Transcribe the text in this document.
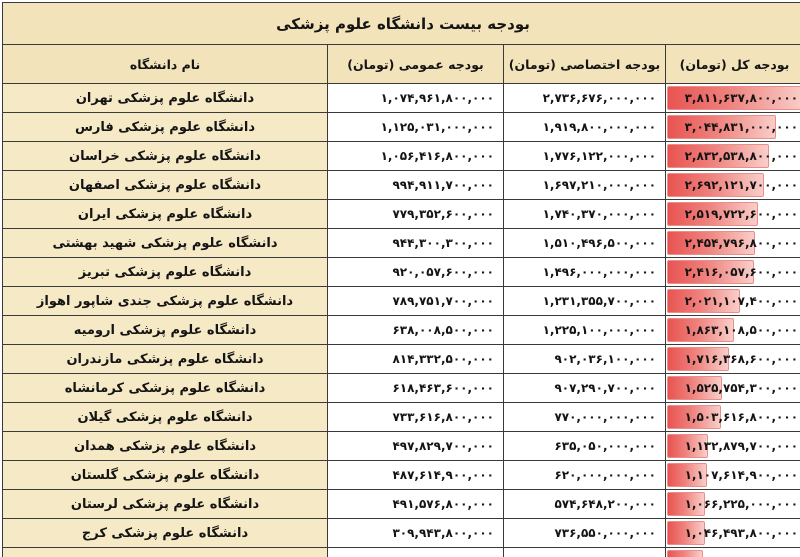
بودجه بیست دانشگاه علوم پزشکی			
بودجه کل (تومان)	بودجه اختصاصی (تومان)	بودجه عمومی (تومان)	نام دانشگاه

۳,۸۱۱,۶۳۷,۸۰۰,۰۰۰	۲,۷۳۶,۶۷۶,۰۰۰,۰۰۰	۱,۰۷۴,۹۶۱,۸۰۰,۰۰۰	دانشگاه علوم پزشکی تهران

۳,۰۴۴,۸۳۱,۰۰۰,۰۰۰	۱,۹۱۹,۸۰۰,۰۰۰,۰۰۰	۱,۱۲۵,۰۳۱,۰۰۰,۰۰۰	دانشگاه علوم پزشکی فارس

۲,۸۳۲,۵۳۸,۸۰۰,۰۰۰	۱,۷۷۶,۱۲۲,۰۰۰,۰۰۰	۱,۰۵۶,۴۱۶,۸۰۰,۰۰۰	دانشگاه علوم پزشکی خراسان

۲,۶۹۲,۱۲۱,۷۰۰,۰۰۰	۱,۶۹۷,۲۱۰,۰۰۰,۰۰۰	۹۹۴,۹۱۱,۷۰۰,۰۰۰	دانشگاه علوم پزشکی اصفهان

۲,۵۱۹,۷۲۲,۶۰۰,۰۰۰	۱,۷۴۰,۳۷۰,۰۰۰,۰۰۰	۷۷۹,۳۵۲,۶۰۰,۰۰۰	دانشگاه علوم پزشکی ایران

۲,۴۵۴,۷۹۶,۸۰۰,۰۰۰	۱,۵۱۰,۴۹۶,۵۰۰,۰۰۰	۹۴۴,۳۰۰,۳۰۰,۰۰۰	دانشگاه علوم پزشکی شهید بهشتی

۲,۴۱۶,۰۵۷,۶۰۰,۰۰۰	۱,۴۹۶,۰۰۰,۰۰۰,۰۰۰	۹۲۰,۰۵۷,۶۰۰,۰۰۰	دانشگاه علوم پزشکی تبریز

۲,۰۲۱,۱۰۷,۴۰۰,۰۰۰	۱,۲۳۱,۳۵۵,۷۰۰,۰۰۰	۷۸۹,۷۵۱,۷۰۰,۰۰۰	دانشگاه علوم پزشکی جندی شاپور اهواز

۱,۸۶۳,۱۰۸,۵۰۰,۰۰۰	۱,۲۲۵,۱۰۰,۰۰۰,۰۰۰	۶۳۸,۰۰۸,۵۰۰,۰۰۰	دانشگاه علوم پزشکی ارومیه

۱,۷۱۶,۳۶۸,۶۰۰,۰۰۰	۹۰۲,۰۳۶,۱۰۰,۰۰۰	۸۱۴,۳۳۲,۵۰۰,۰۰۰	دانشگاه علوم پزشکی مازندران

۱,۵۲۵,۷۵۴,۳۰۰,۰۰۰	۹۰۷,۲۹۰,۷۰۰,۰۰۰	۶۱۸,۴۶۳,۶۰۰,۰۰۰	دانشگاه علوم پزشکی کرمانشاه

۱,۵۰۳,۶۱۶,۸۰۰,۰۰۰	۷۷۰,۰۰۰,۰۰۰,۰۰۰	۷۳۳,۶۱۶,۸۰۰,۰۰۰	دانشگاه علوم پزشکی گیلان

۱,۱۳۲,۸۷۹,۷۰۰,۰۰۰	۶۳۵,۰۵۰,۰۰۰,۰۰۰	۴۹۷,۸۲۹,۷۰۰,۰۰۰	دانشگاه علوم پزشکی همدان

۱,۱۰۷,۶۱۴,۹۰۰,۰۰۰	۶۲۰,۰۰۰,۰۰۰,۰۰۰	۴۸۷,۶۱۴,۹۰۰,۰۰۰	دانشگاه علوم پزشکی گلستان

۱,۰۶۶,۲۲۵,۰۰۰,۰۰۰	۵۷۴,۶۴۸,۲۰۰,۰۰۰	۴۹۱,۵۷۶,۸۰۰,۰۰۰	دانشگاه علوم پزشکی لرستان

۱,۰۴۶,۴۹۳,۸۰۰,۰۰۰	۷۳۶,۵۵۰,۰۰۰,۰۰۰	۳۰۹,۹۴۳,۸۰۰,۰۰۰	دانشگاه علوم پزشکی کرج
